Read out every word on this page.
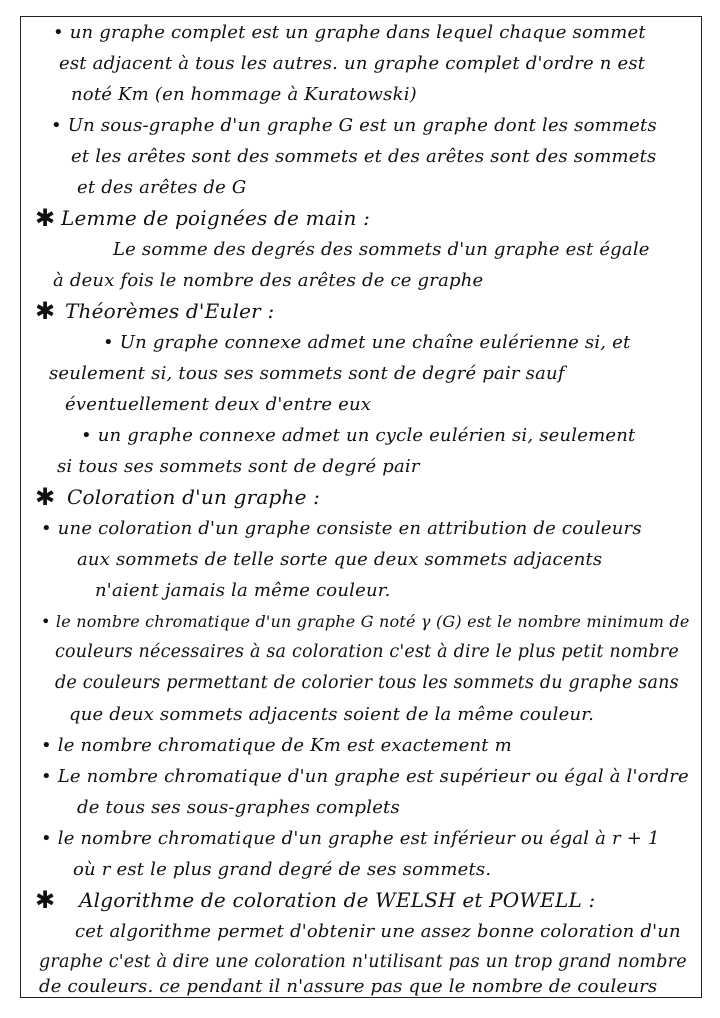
• un graphe complet est un graphe dans lequel chaque sommet
est adjacent à tous les autres. un graphe complet d'ordre n est
noté Km (en hommage à Kuratowski)
• Un sous-graphe d'un graphe G est un graphe dont les sommets
et les arêtes sont des sommets et des arêtes sont des sommets
et des arêtes de G
✱ Lemme de poignées de main :
Le somme des degrés des sommets d'un graphe est égale
à deux fois le nombre des arêtes de ce graphe
✱ Théorèmes d'Euler :
• Un graphe connexe admet une chaîne eulérienne si, et
seulement si, tous ses sommets sont de degré pair sauf
éventuellement deux d'entre eux
• un graphe connexe admet un cycle eulérien si, seulement
si tous ses sommets sont de degré pair
✱ Coloration d'un graphe :
• une coloration d'un graphe consiste en attribution de couleurs
aux sommets de telle sorte que deux sommets adjacents
n'aient jamais la même couleur.
• le nombre chromatique d'un graphe G noté γ (G) est le nombre minimum de
couleurs nécessaires à sa coloration c'est à dire le plus petit nombre
de couleurs permettant de colorier tous les sommets du graphe sans
que deux sommets adjacents soient de la même couleur.
• le nombre chromatique de Km est exactement m
• Le nombre chromatique d'un graphe est supérieur ou égal à l'ordre
de tous ses sous-graphes complets
• le nombre chromatique d'un graphe est inférieur ou égal à r + 1
où r est le plus grand degré de ses sommets.
✱ Algorithme de coloration de WELSH et POWELL :
cet algorithme permet d'obtenir une assez bonne coloration d'un
graphe c'est à dire une coloration n'utilisant pas un trop grand nombre
de couleurs. ce pendant il n'assure pas que le nombre de couleurs
